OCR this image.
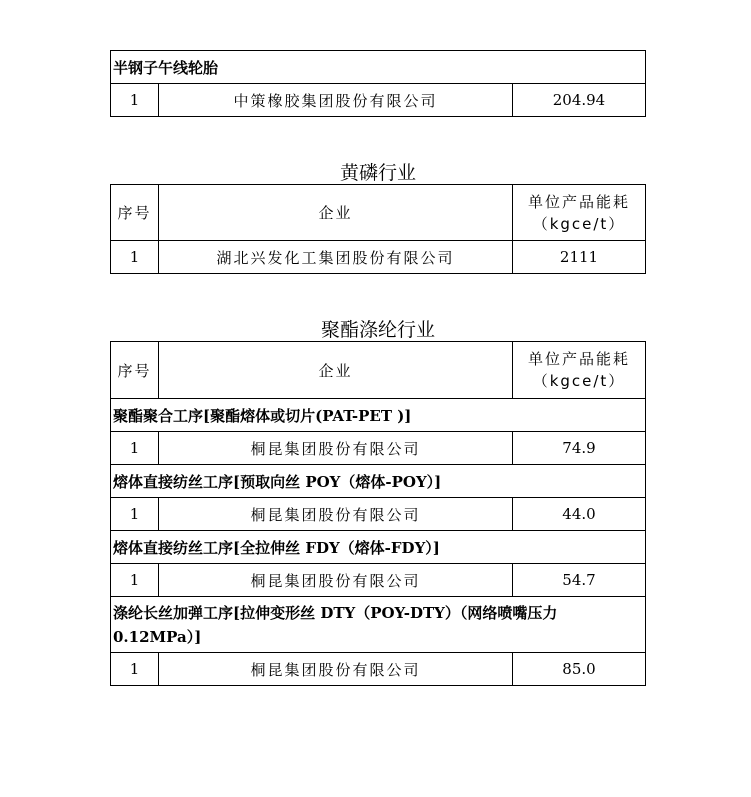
半钢子午线轮胎
1	中策橡胶集团股份有限公司	204.94
黄磷行业
序号	企业	单位产品能耗
（kgce/t）

1	湖北兴发化工集团股份有限公司	2111
聚酯涤纶行业
序号	企业	单位产品能耗
（kgce/t）

聚酯聚合工序[聚酯熔体或切片(PAT-PET )]		
1	桐昆集团股份有限公司	74.9
熔体直接纺丝工序[预取向丝 POY（熔体-POY）]		
1	桐昆集团股份有限公司	44.0
熔体直接纺丝工序[全拉伸丝 FDY（熔体-FDY）]		
1	桐昆集团股份有限公司	54.7
涤纶长丝加弹工序[拉伸变形丝 DTY（POY-DTY）（网络喷嘴压力0.12MPa）]		
1	桐昆集团股份有限公司	85.0
